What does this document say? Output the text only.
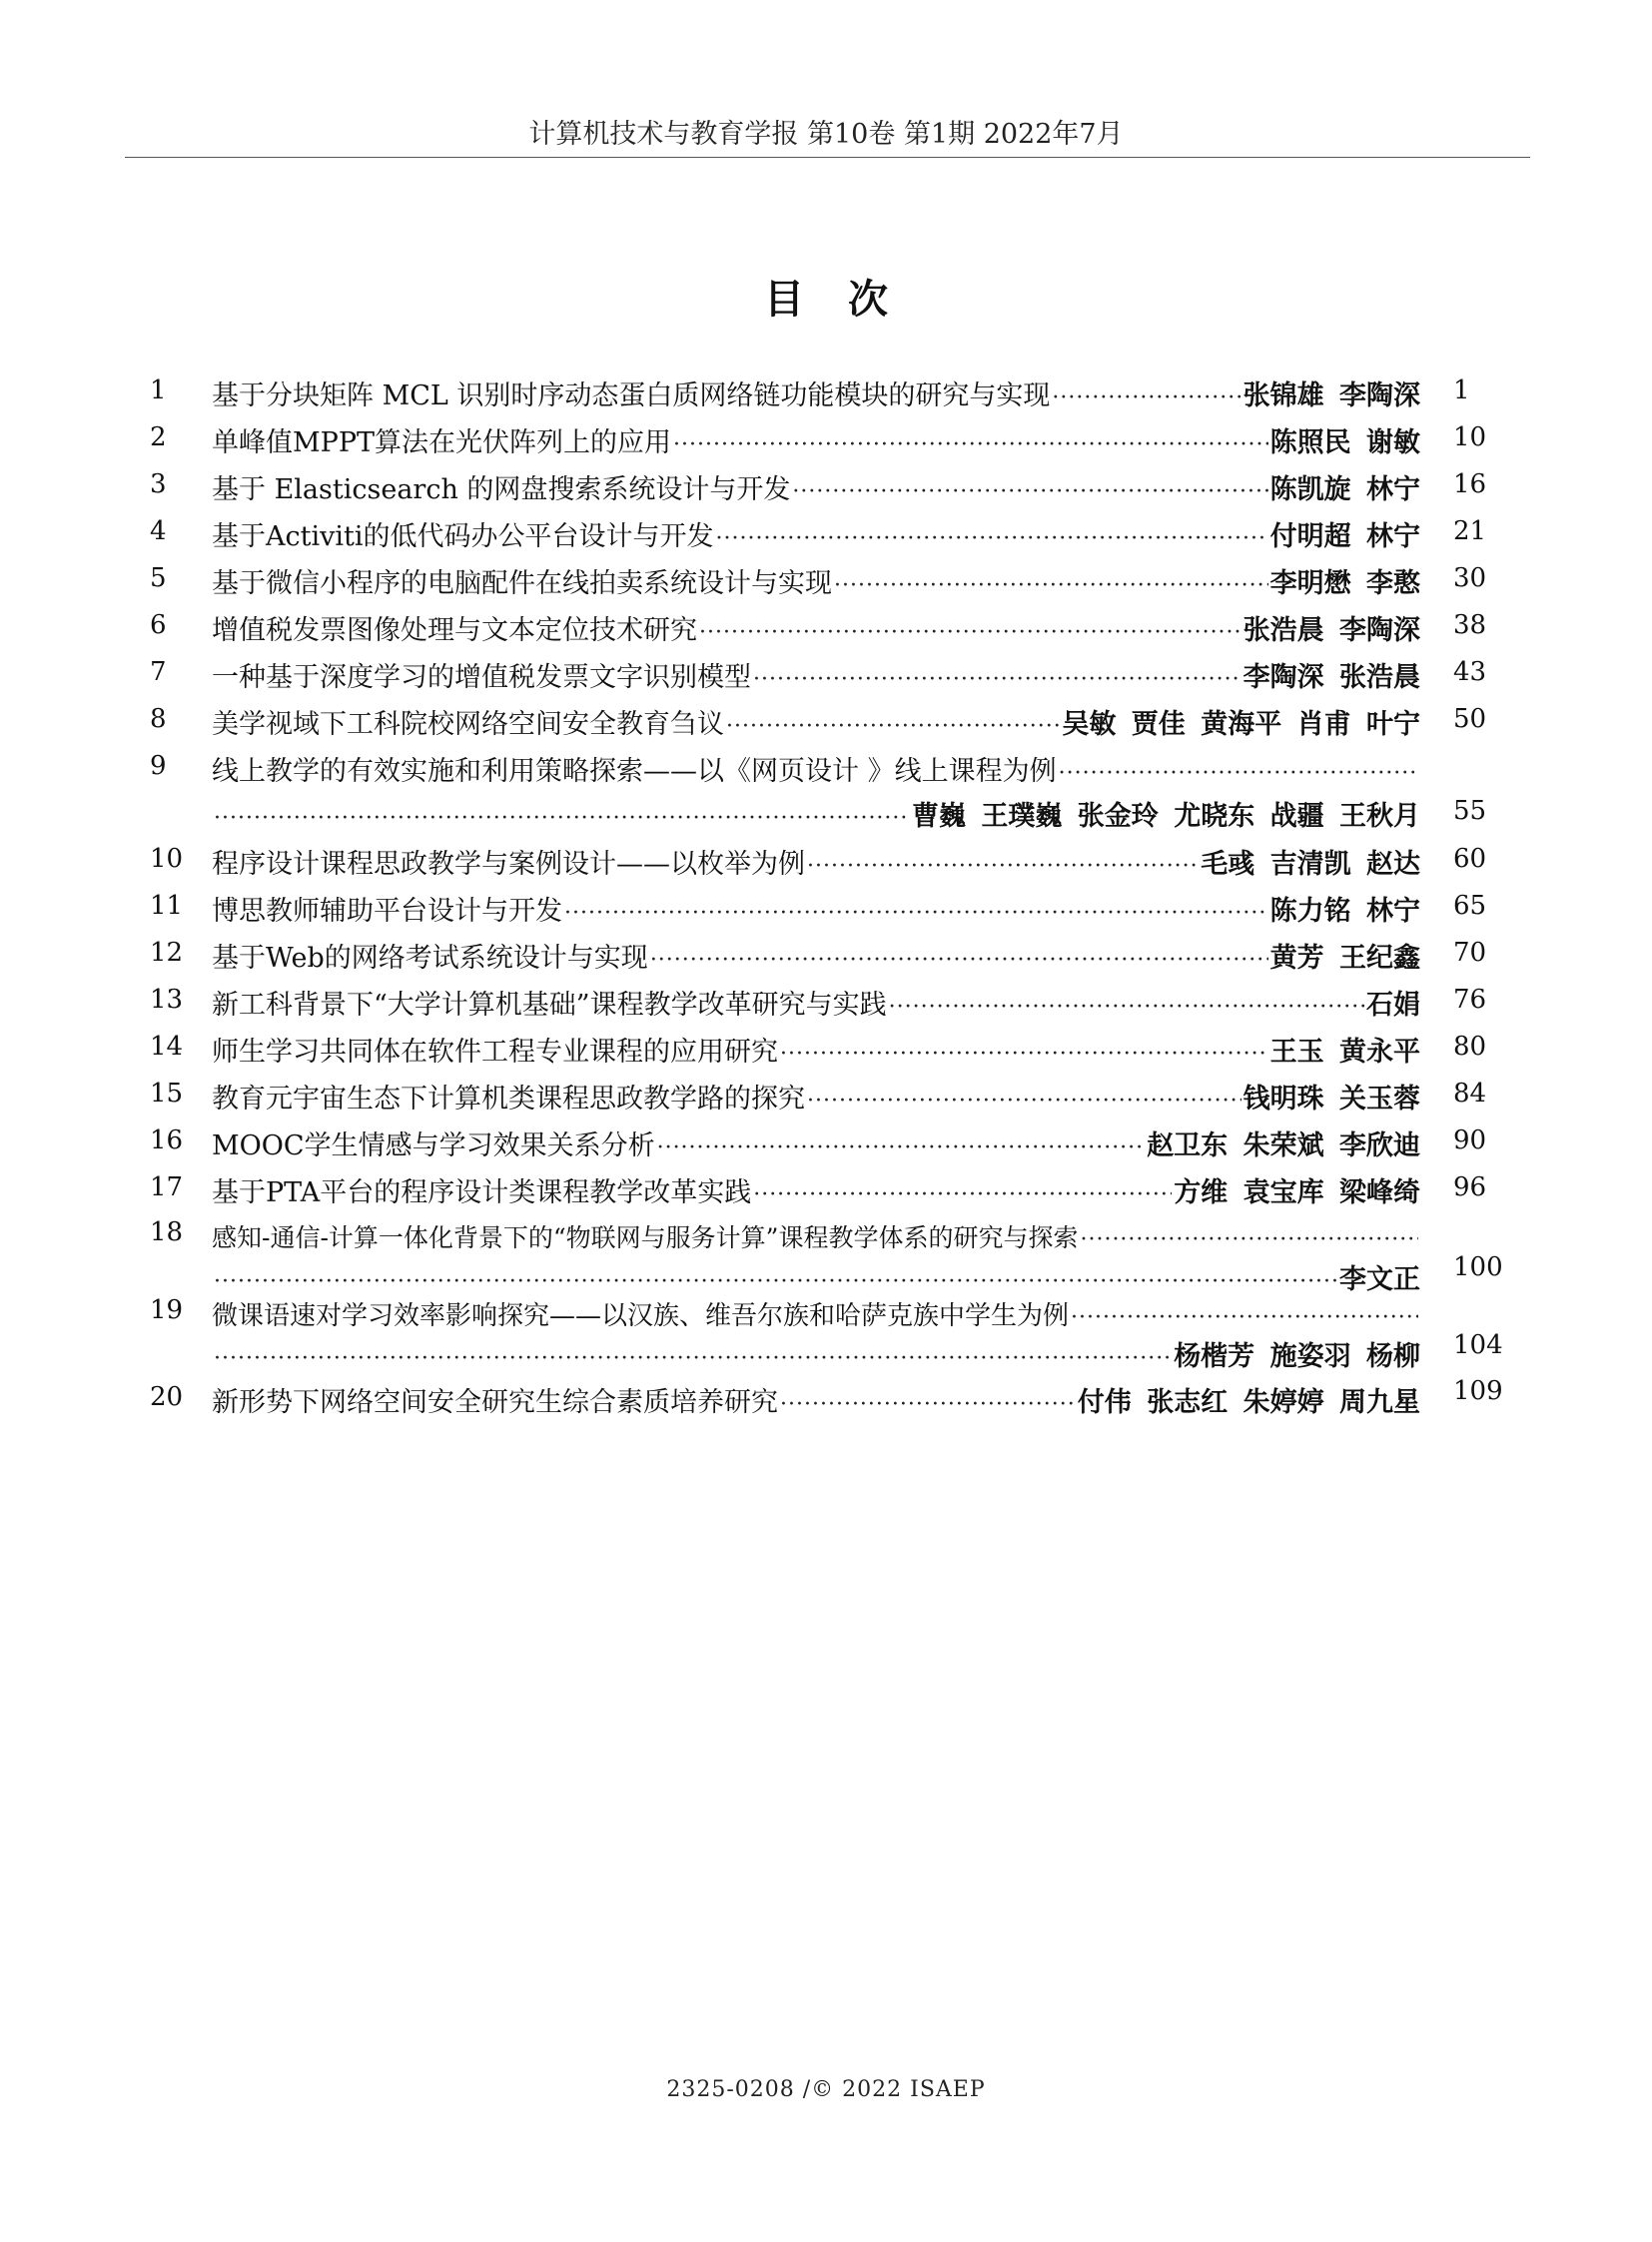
计算机技术与教育学报 第10卷 第1期 2022年7月
目次
1	基于分块矩阵 MCL 识别时序动态蛋白质网络链功能模块的研究与实现 ·····	张锦雄 李陶深 1
2	单峰值MPPT算法在光伏阵列上的应用 ·····	陈照民 谢敏 10
3	基于 Elasticsearch 的网盘搜索系统设计与开发 ·····	陈凯旋 林宁 16
4	基于Activiti的低代码办公平台设计与开发 ·····	付明超 林宁 21
5	基于微信小程序的电脑配件在线拍卖系统设计与实现 ·····	李明懋 李憨 30
6	增值税发票图像处理与文本定位技术研究 ·····	张浩晨 李陶深 38
7	一种基于深度学习的增值税发票文字识别模型 ·····	李陶深 张浩晨 43
8	美学视域下工科院校网络空间安全教育刍议 ·····	吴敏 贾佳 黄海平 肖甫 叶宁 50
9	线上教学的有效实施和利用策略探索——以《网页设计 》线上课程为例
·····
·····
曹巍 王璞巍 张金玲 尤晓东 战疆 王秋月 55
10	程序设计课程思政教学与案例设计——以枚举为例 ·····	毛彧 吉清凯 赵达 60
11	博思教师辅助平台设计与开发 ·····	陈力铭 林宁 65
12	基于Web的网络考试系统设计与实现 ·····	黄芳 王纪鑫 70
13	新工科背景下“大学计算机基础”课程教学改革研究与实践 ·····	石娟 76
14	师生学习共同体在软件工程专业课程的应用研究 ·····	王玉 黄永平 80
15	教育元宇宙生态下计算机类课程思政教学路的探究 ·····	钱明珠 关玉蓉 84
16	MOOC学生情感与学习效果关系分析 ·····	赵卫东 朱荣斌 李欣迪 90
17	基于PTA平台的程序设计类课程教学改革实践 ·····	方维 袁宝库 梁峰绮 96
18	感知-通信-计算一体化背景下的“物联网与服务计算”课程教学体系的研究与探索
·····
·····
李文正 100
19	微课语速对学习效率影响探究——以汉族、维吾尔族和哈萨克族中学生为例
·····
·····
杨楷芳 施姿羽 杨柳 104
20	新形势下网络空间安全研究生综合素质培养研究 ·····	付伟 张志红 朱婷婷 周九星 109
2325-0208 /© 2022 ISAEP
